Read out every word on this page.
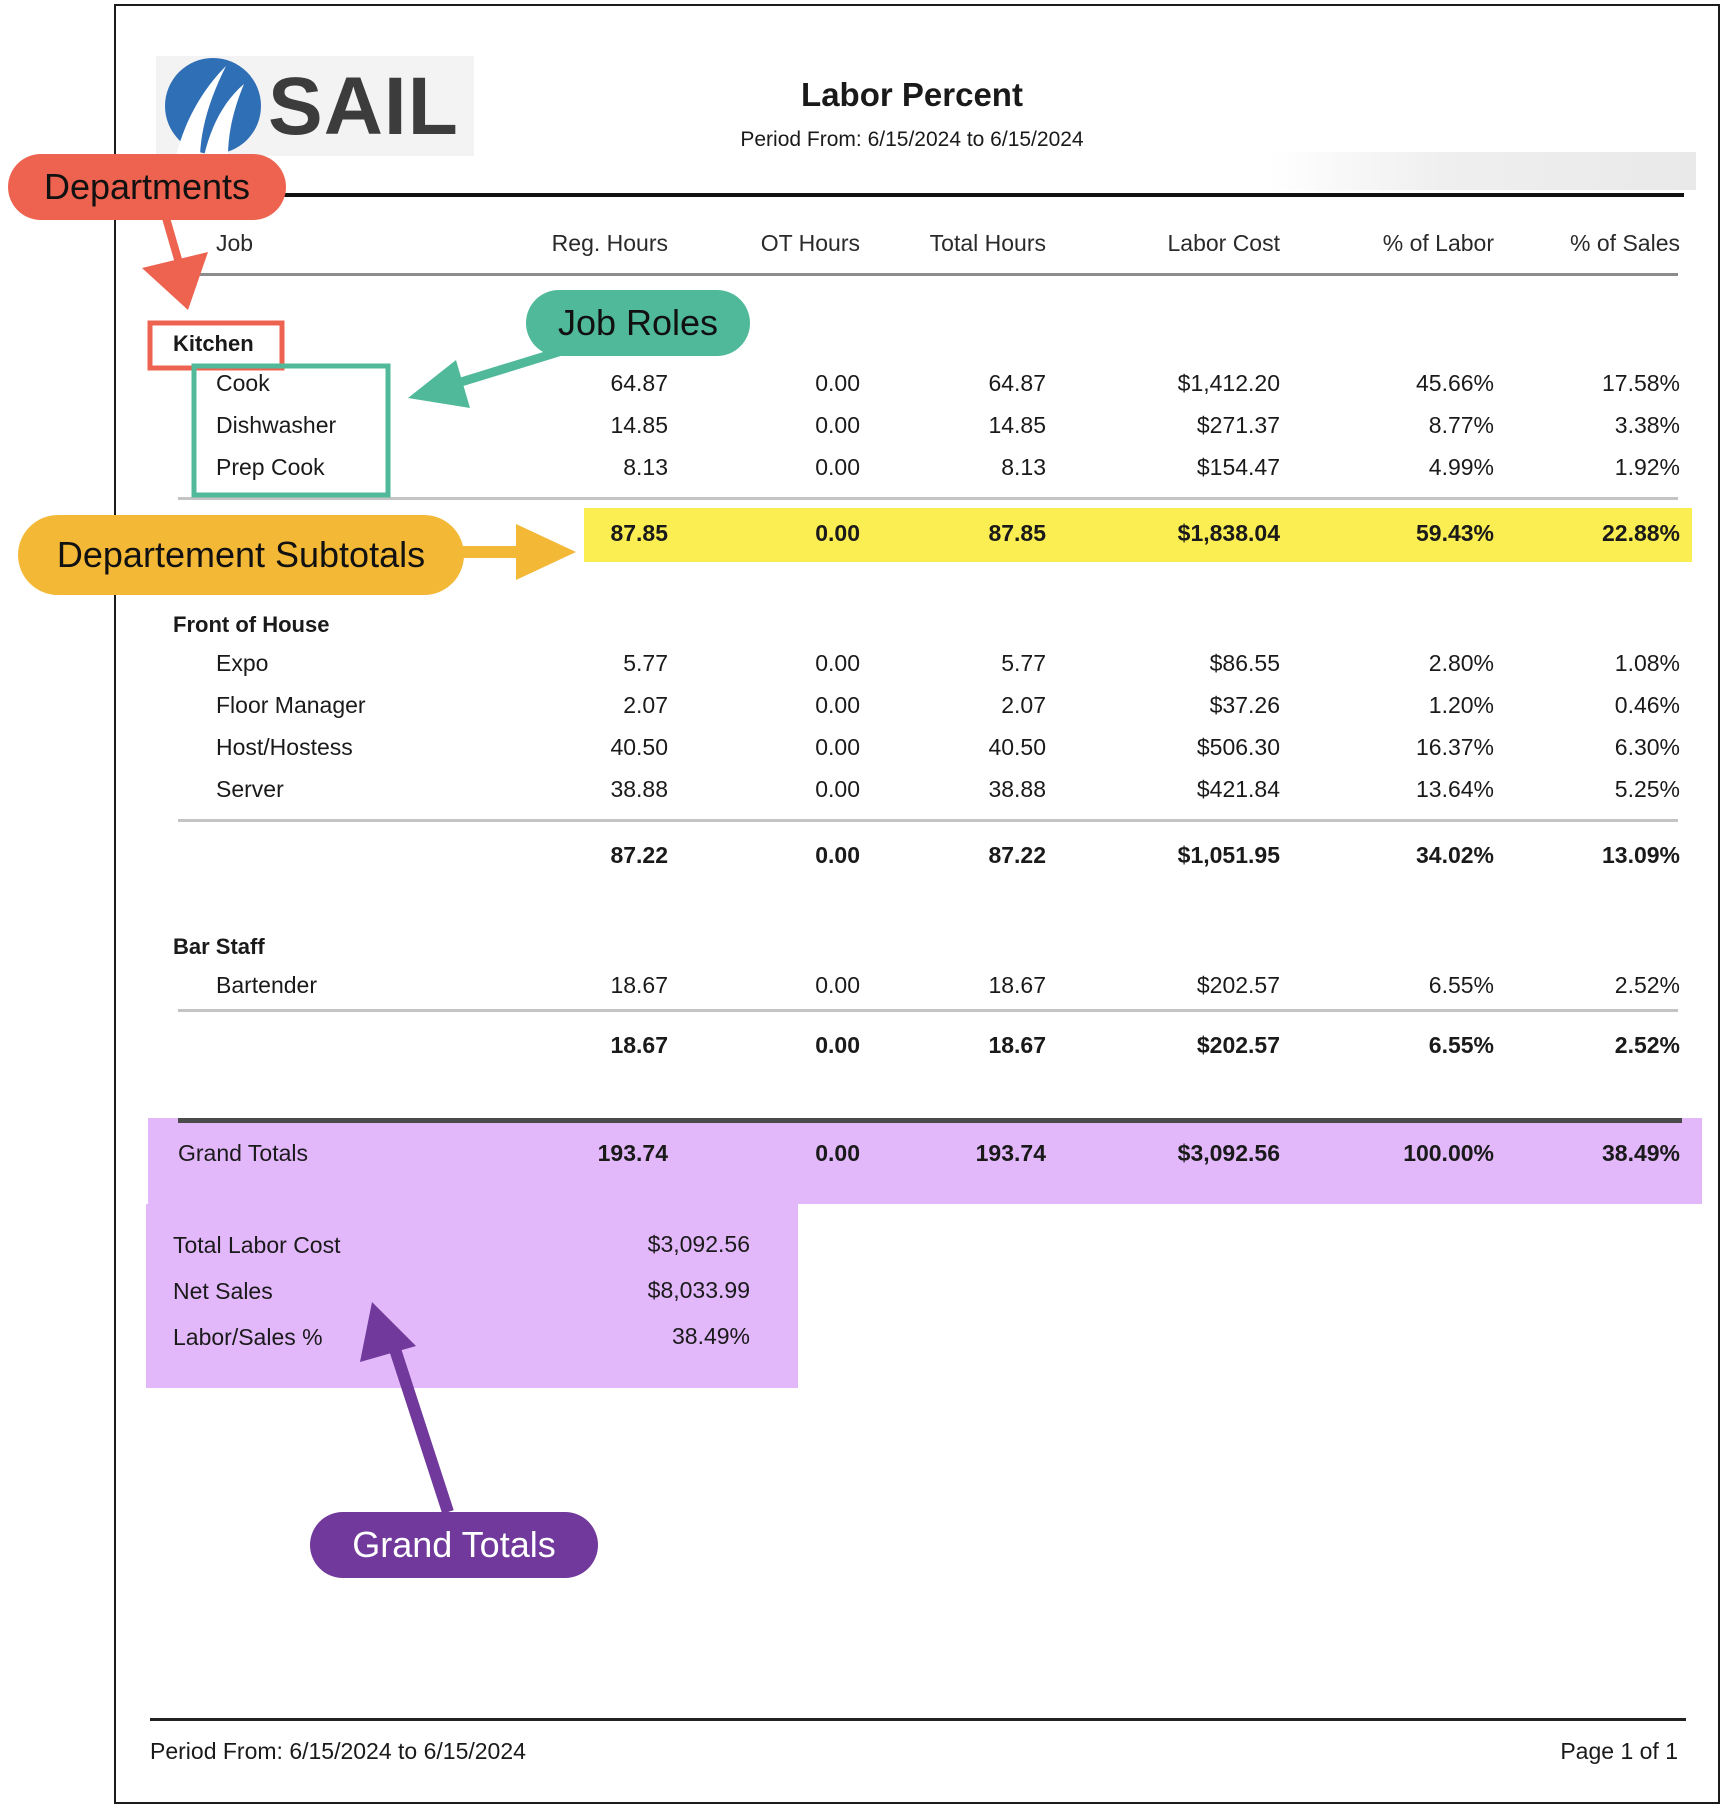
SAIL	Labor Percent
Period From: 6/15/2024 to 6/15/2024
Job	Reg. Hours	OT Hours	Total Hours	Labor Cost	% of Labor	% of Sales
Kitchen
Cook	64.87	0.00	64.87	$1,412.20	45.66%	17.58%
Dishwasher	14.85	0.00	14.85	$271.37	8.77%	3.38%
Prep Cook	8.13	0.00	8.13	$154.47	4.99%	1.92%
87.85	0.00	87.85	$1,838.04	59.43%	22.88%
Front of House
Expo	5.77	0.00	5.77	$86.55	2.80%	1.08%
Floor Manager	2.07	0.00	2.07	$37.26	1.20%	0.46%
Host/Hostess	40.50	0.00	40.50	$506.30	16.37%	6.30%
Server	38.88	0.00	38.88	$421.84	13.64%	5.25%
87.22	0.00	87.22	$1,051.95	34.02%	13.09%
Bar Staff
Bartender	18.67	0.00	18.67	$202.57	6.55%	2.52%
18.67	0.00	18.67	$202.57	6.55%	2.52%
Grand Totals	193.74	0.00	193.74	$3,092.56	100.00%	38.49%
Total Labor Cost	$3,092.56
Net Sales	$8,033.99
Labor/Sales %	38.49%
Period From: 6/15/2024 to 6/15/2024	Page 1 of 1
Departments
Job Roles
Departement Subtotals
Grand Totals
